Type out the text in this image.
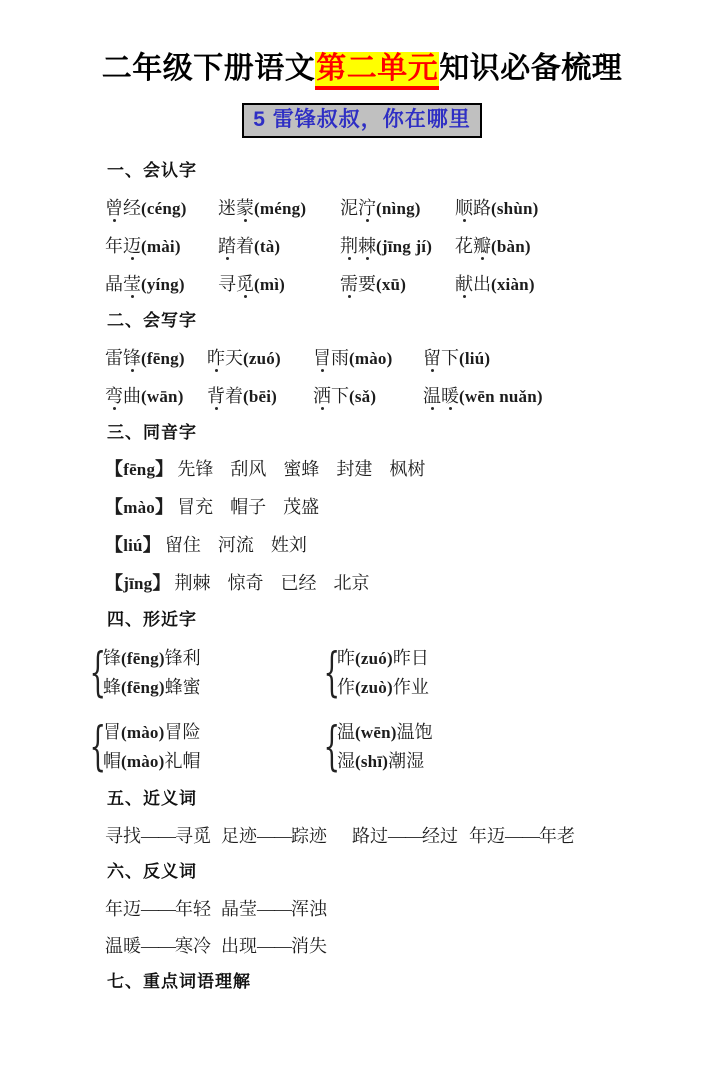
二年级下册语文第二单元知识必备梳理
5 雷锋叔叔，你在哪里
一、会认字
曾经(céng)	迷蒙(méng)	泥泞(nìng)	顺路(shùn)
年迈(mài)	踏着(tà)	荆棘(jīng jí)	花瓣(bàn)
晶莹(yíng)	寻觅(mì)	需要(xū)	献出(xiàn)
二、会写字
雷锋(fēng)	昨天(zuó)	冒雨(mào)	留下(liú)
弯曲(wān)	背着(bēi)	洒下(sǎ)	温暖(wēn nuǎn)
三、同音字
【fēng】 先锋 刮风 蜜蜂 封建 枫树
【mào】 冒充 帽子 茂盛
【liú】 留住 河流 姓刘
【jīng】 荆棘 惊奇 已经 北京
四、形近字
{
锋(fēng)锋利
蜂(fēng)蜂蜜 {
昨(zuó)昨日
作(zuò)作业
{
冒(mào)冒险
帽(mào)礼帽 {
温(wēn)温饱
湿(shī)潮湿
五、近义词
寻找——寻觅 足迹——踪迹	路过——经过 年迈——年老
六、反义词
年迈——年轻 晶莹——浑浊
温暖——寒冷 出现——消失
七、重点词语理解
